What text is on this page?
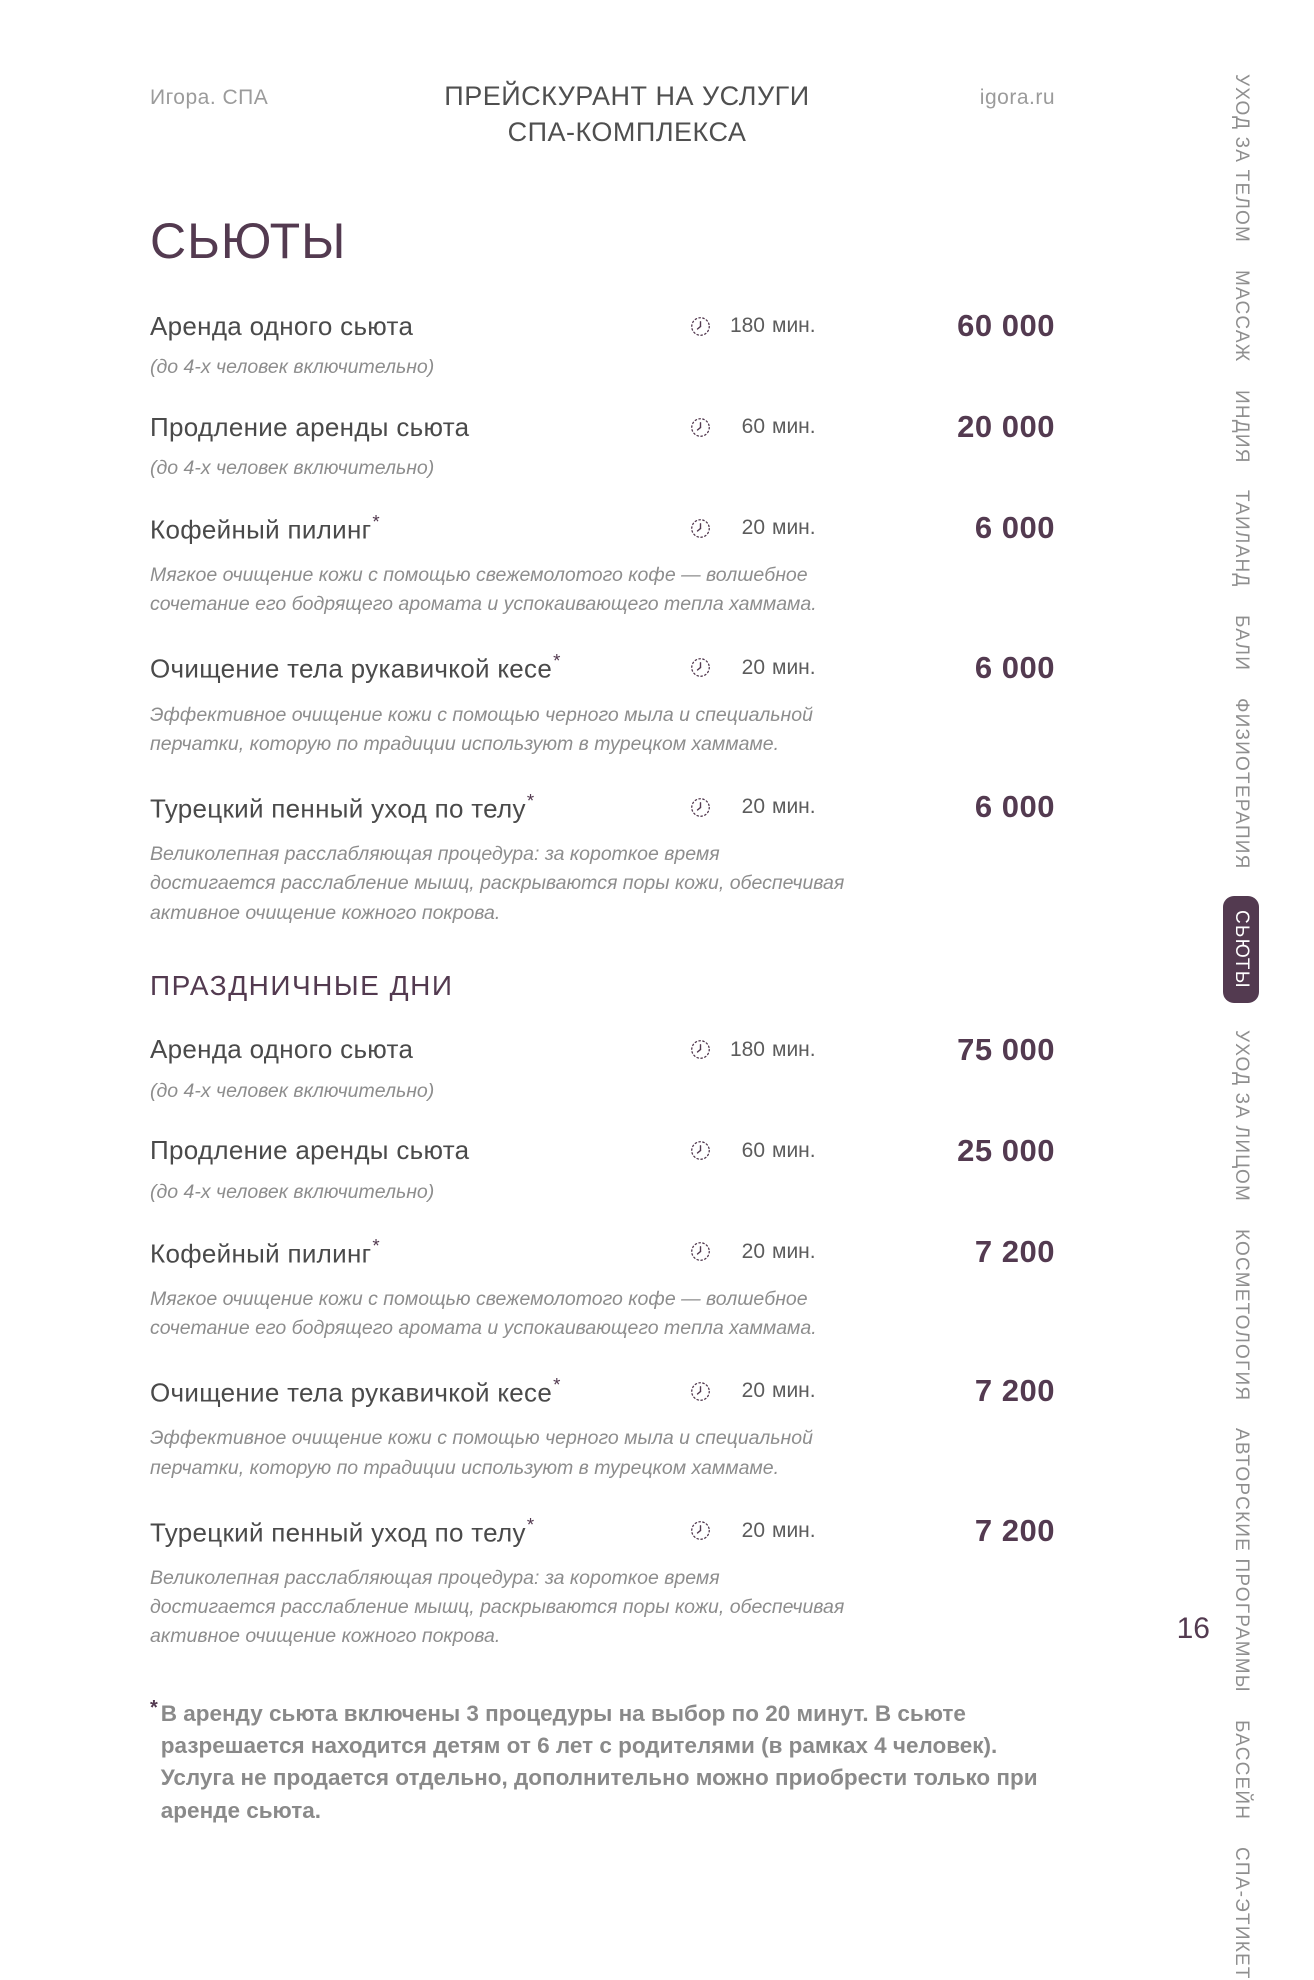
Игора. СПА	ПРЕЙСКУРАНТ НА УСЛУГИ
СПА-КОМПЛЕКСА
igora.ru
СЬЮТЫ
Аренда одного сьюта	180 мин.	60 000
(до 4-х человек включительно)
Продление аренды сьюта	60 мин.	20 000
(до 4-х человек включительно)
Кофейный пилинг*	20 мин.	6 000
Мягкое очищение кожи с помощью свежемолотого кофе — волшебное сочетание его бодрящего аромата и успокаивающего тепла хаммама.
Очищение тела рукавичкой кесе*	20 мин.	6 000
Эффективное очищение кожи с помощью черного мыла и специальной перчатки, которую по традиции используют в турецком хаммаме.
Турецкий пенный уход по телу*	20 мин.	6 000
Великолепная расслабляющая процедура: за короткое время достигается расслабление мышц, раскрываются поры кожи, обеспечивая активное очищение кожного покрова.
ПРАЗДНИЧНЫЕ ДНИ
Аренда одного сьюта	180 мин.	75 000
(до 4-х человек включительно)
Продление аренды сьюта	60 мин.	25 000
(до 4-х человек включительно)
Кофейный пилинг*	20 мин.	7 200
Мягкое очищение кожи с помощью свежемолотого кофе — волшебное сочетание его бодрящего аромата и успокаивающего тепла хаммама.
Очищение тела рукавичкой кесе*	20 мин.	7 200
Эффективное очищение кожи с помощью черного мыла и специальной перчатки, которую по традиции используют в турецком хаммаме.
Турецкий пенный уход по телу*	20 мин.	7 200
Великолепная расслабляющая процедура: за короткое время достигается расслабление мышц, раскрываются поры кожи, обеспечивая активное очищение кожного покрова.
* В аренду сьюта включены 3 процедуры на выбор по 20 минут. В сьюте разрешается находится детям от 6 лет с родителями (в рамках 4 человек). Услуга не продается отдельно, дополнительно можно приобрести только при аренде сьюта.
16
УХОД ЗА ТЕЛОМ
МАССАЖ
ИНДИЯ
ТАИЛАНД
БАЛИ
ФИЗИОТЕРАПИЯ
СЬЮТЫ
УХОД ЗА ЛИЦОМ
КОСМЕТОЛОГИЯ
АВТОРСКИЕ ПРОГРАММЫ
БАССЕЙН
СПА-ЭТИКЕТ
